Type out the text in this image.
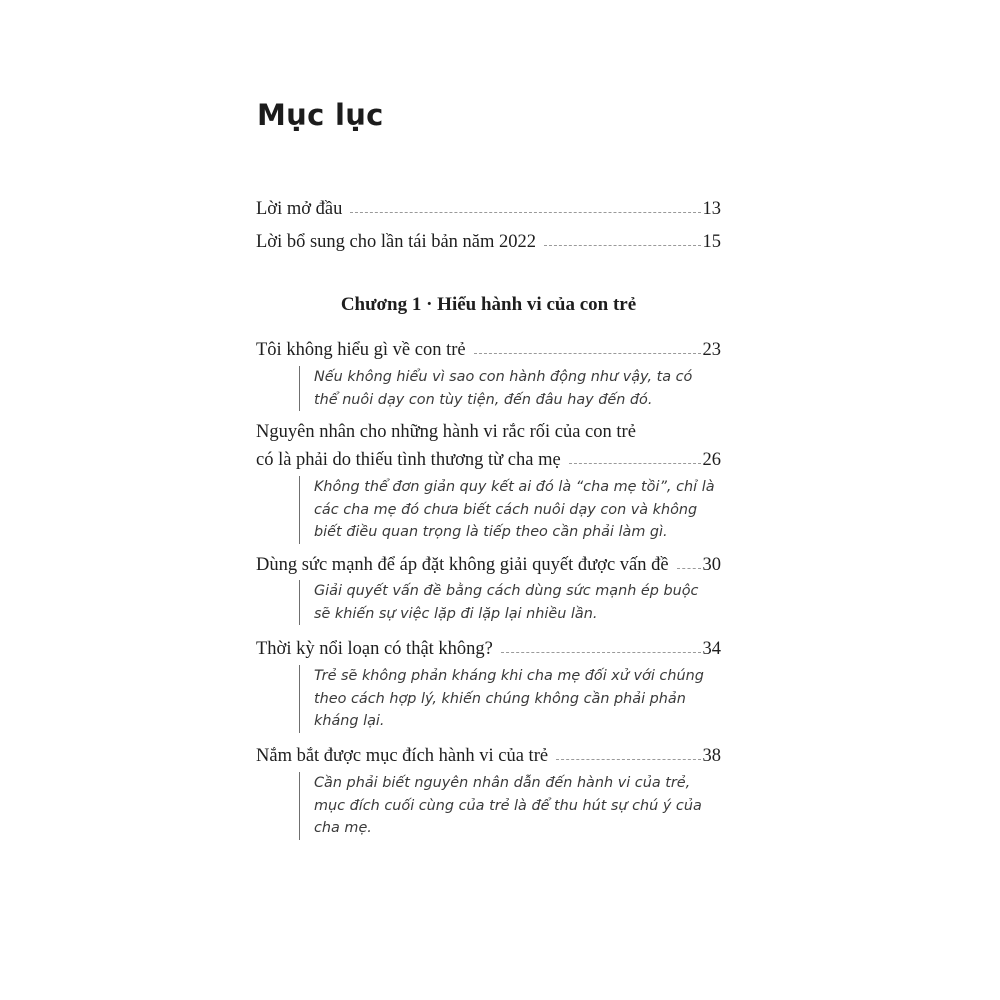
Mục lục
Lời mở đầu	13
Lời bổ sung cho lần tái bản năm 2022	15
Chương 1 · Hiểu hành vi của con trẻ
Tôi không hiểu gì về con trẻ	23
Nếu không hiểu vì sao con hành động như vậy, ta có
thể nuôi dạy con tùy tiện, đến đâu hay đến đó.
Nguyên nhân cho những hành vi rắc rối của con trẻ
có là phải do thiếu tình thương từ cha mẹ	26
Không thể đơn giản quy kết ai đó là “cha mẹ tồi”, chỉ là
các cha mẹ đó chưa biết cách nuôi dạy con và không
biết điều quan trọng là tiếp theo cần phải làm gì.
Dùng sức mạnh để áp đặt không giải quyết được vấn đề 30
Giải quyết vấn đề bằng cách dùng sức mạnh ép buộc
sẽ khiến sự việc lặp đi lặp lại nhiều lần.
Thời kỳ nổi loạn có thật không?	34
Trẻ sẽ không phản kháng khi cha mẹ đối xử với chúng
theo cách hợp lý, khiến chúng không cần phải phản
kháng lại.
Nắm bắt được mục đích hành vi của trẻ	38
Cần phải biết nguyên nhân dẫn đến hành vi của trẻ,
mục đích cuối cùng của trẻ là để thu hút sự chú ý của
cha mẹ.
